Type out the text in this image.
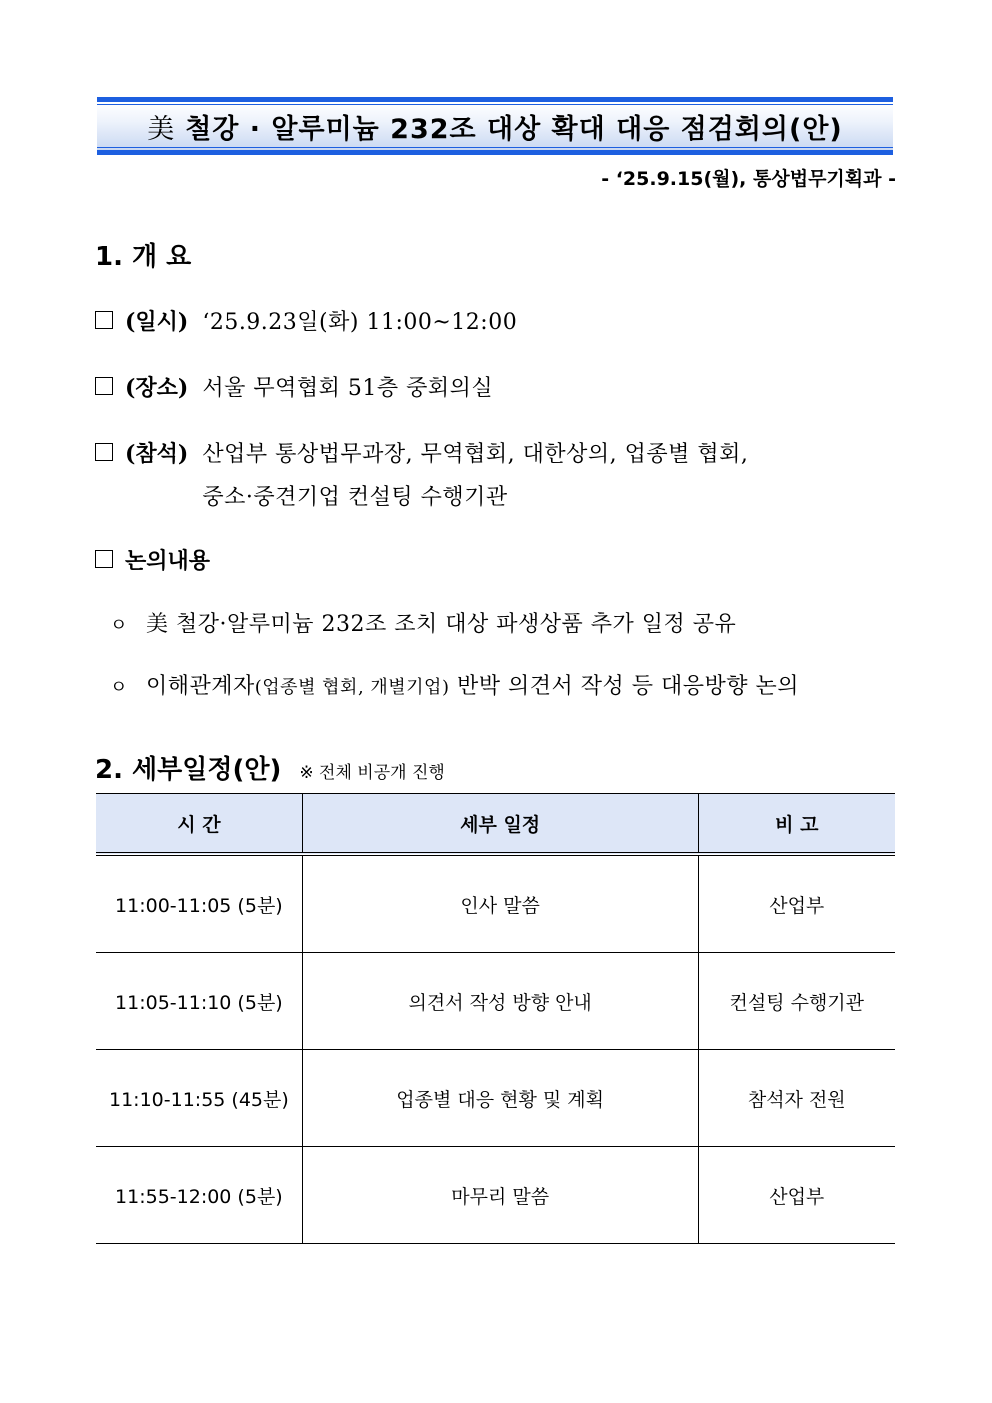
美 철강 · 알루미늄 232조 대상 확대 대응 점검회의(안)
- ‘25.9.15(월), 통상법무기획과 -
1. 개 요
(일시) ‘25.9.23일(화) 11:00~12:00
(장소) 서울 무역협회 51층 중회의실
(참석) 산업부 통상법무과장, 무역협회, 대한상의, 업종별 협회,
중소·중견기업 컨설팅 수행기관
논의내용
ㅇ 美 철강·알루미늄 232조 조치 대상 파생상품 추가 일정 공유
ㅇ 이해관계자(업종별 협회, 개별기업) 반박 의견서 작성 등 대응방향 논의
2. 세부일정(안) ※ 전체 비공개 진행
시 간	세부 일정	비 고
11:00-11:05 (5분)	인사 말씀	산업부
11:05-11:10 (5분)	의견서 작성 방향 안내	컨설팅 수행기관
11:10-11:55 (45분)	업종별 대응 현황 및 계획	참석자 전원
11:55-12:00 (5분)	마무리 말씀	산업부
